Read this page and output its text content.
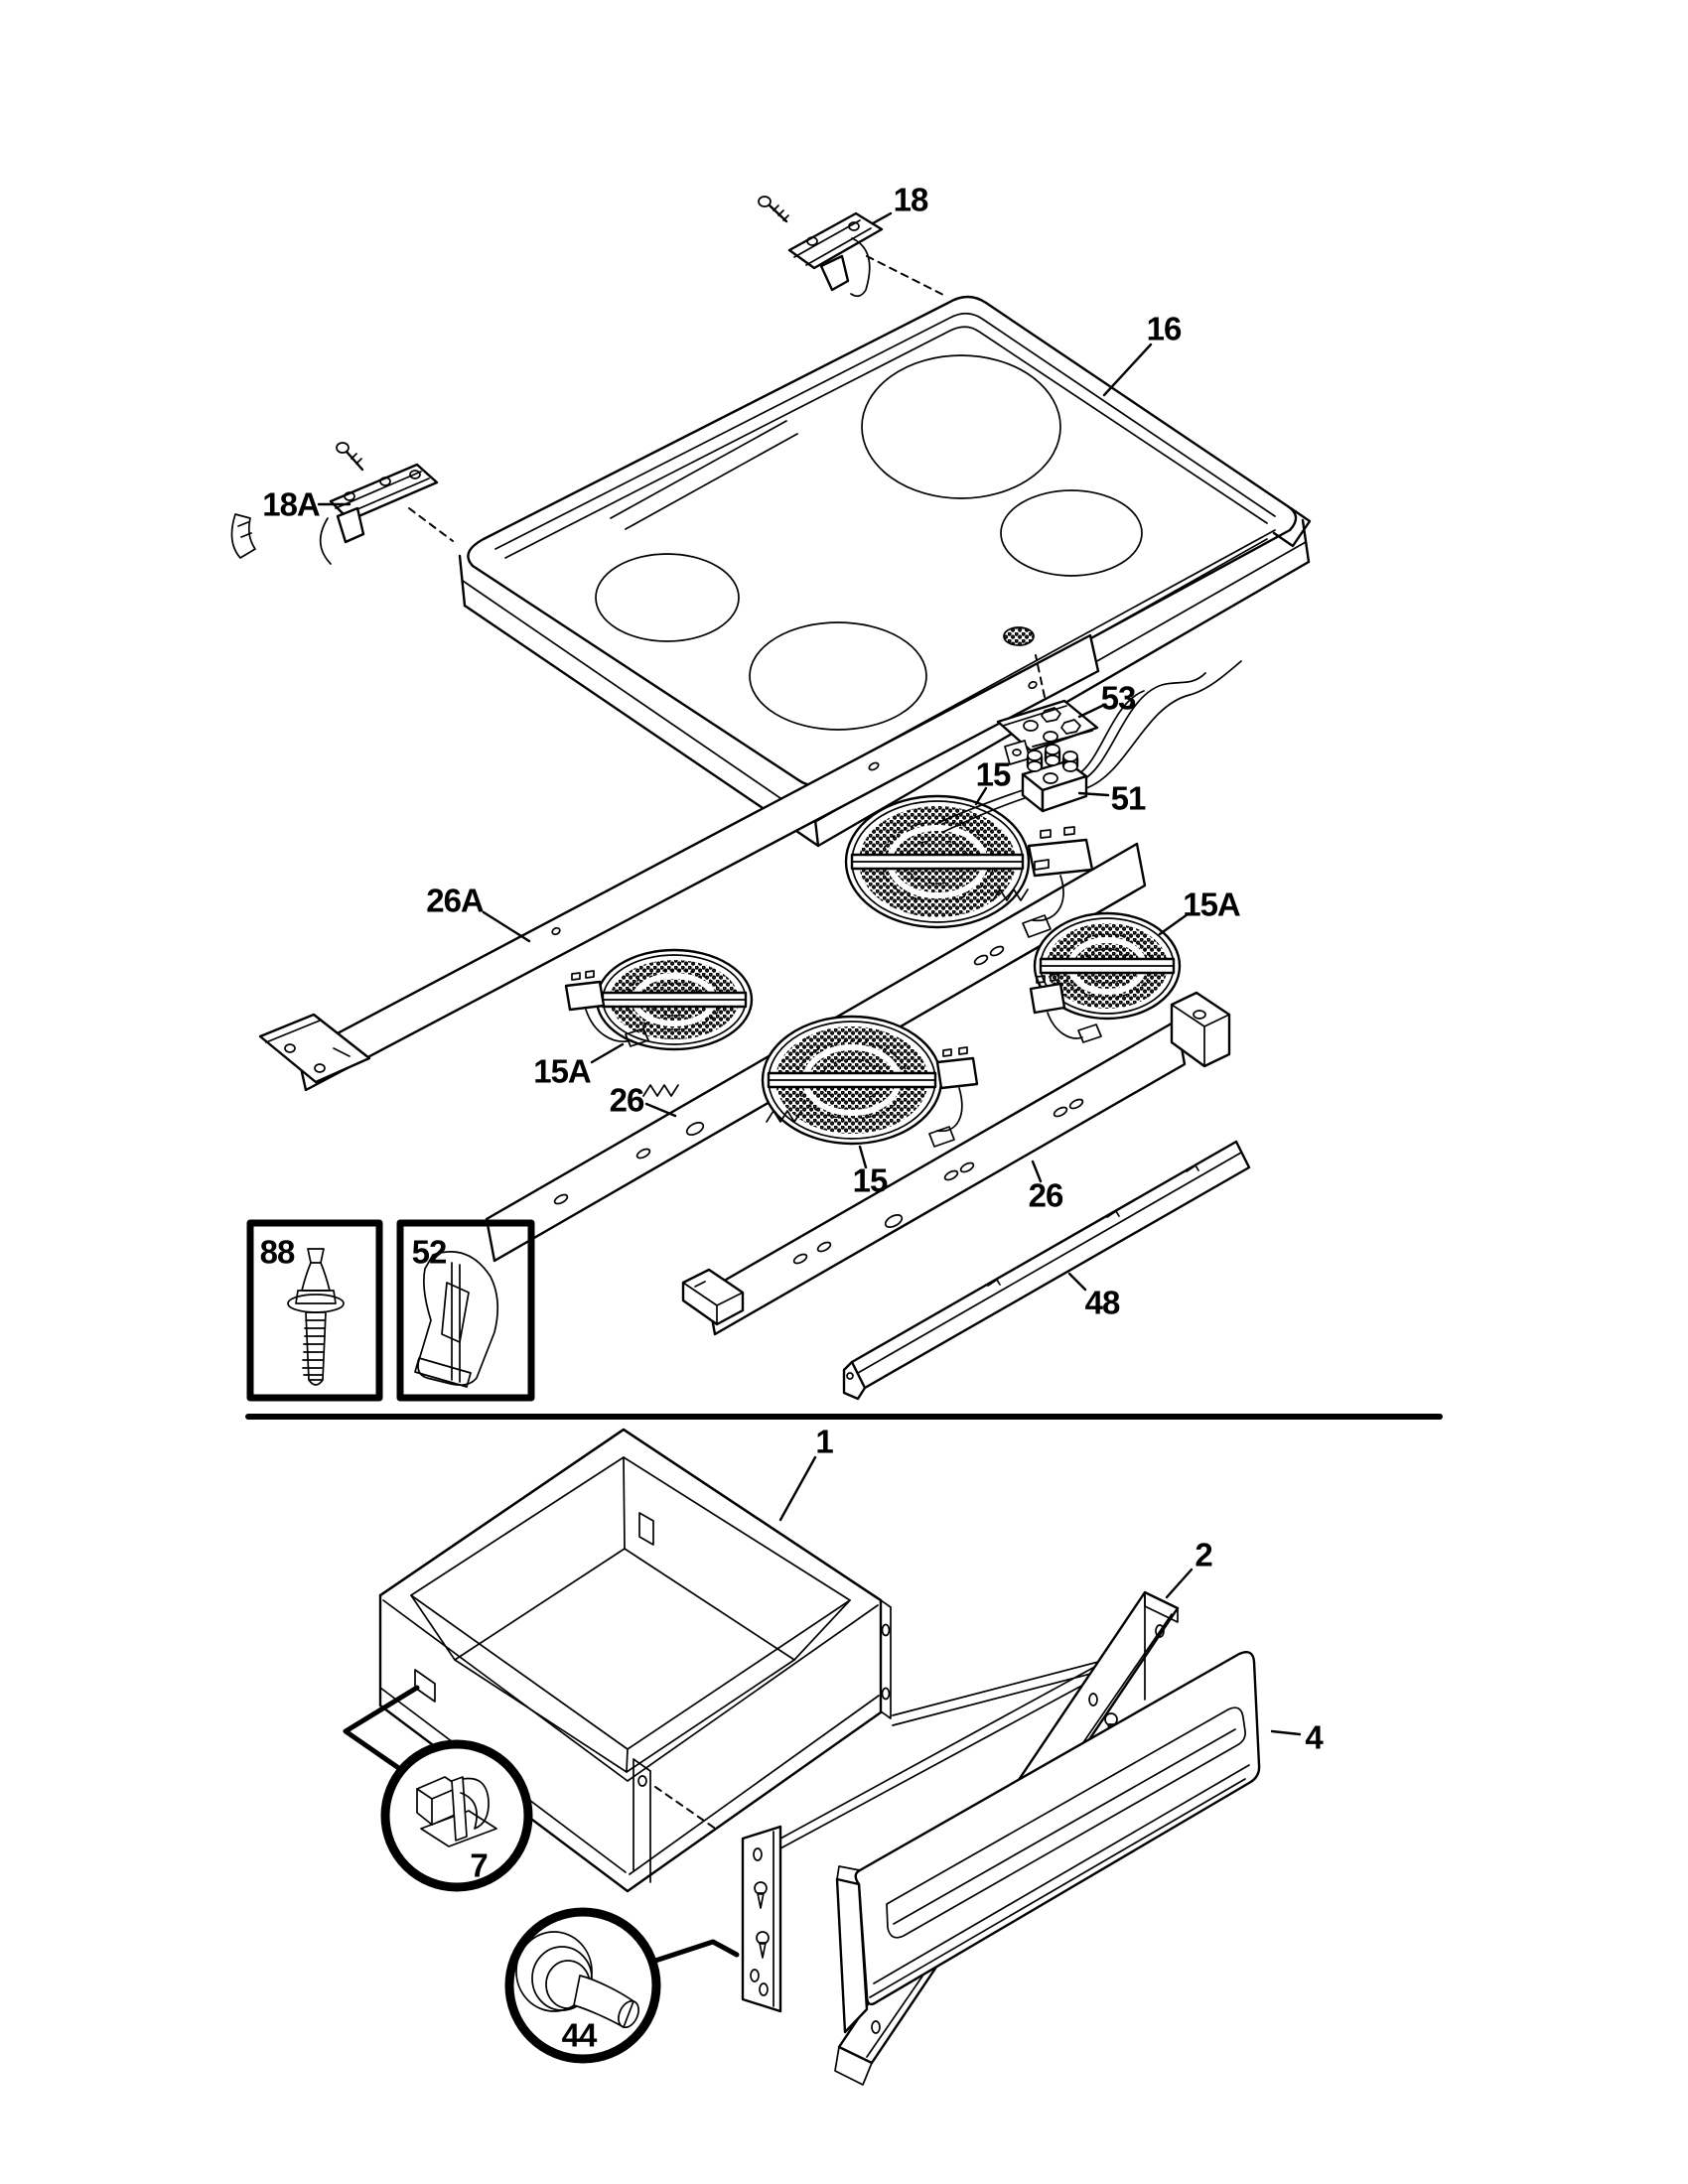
18
16
18A
53
15
51
15A
26A
15A
26
15	26
48
88	52
1
2
4
7
44
